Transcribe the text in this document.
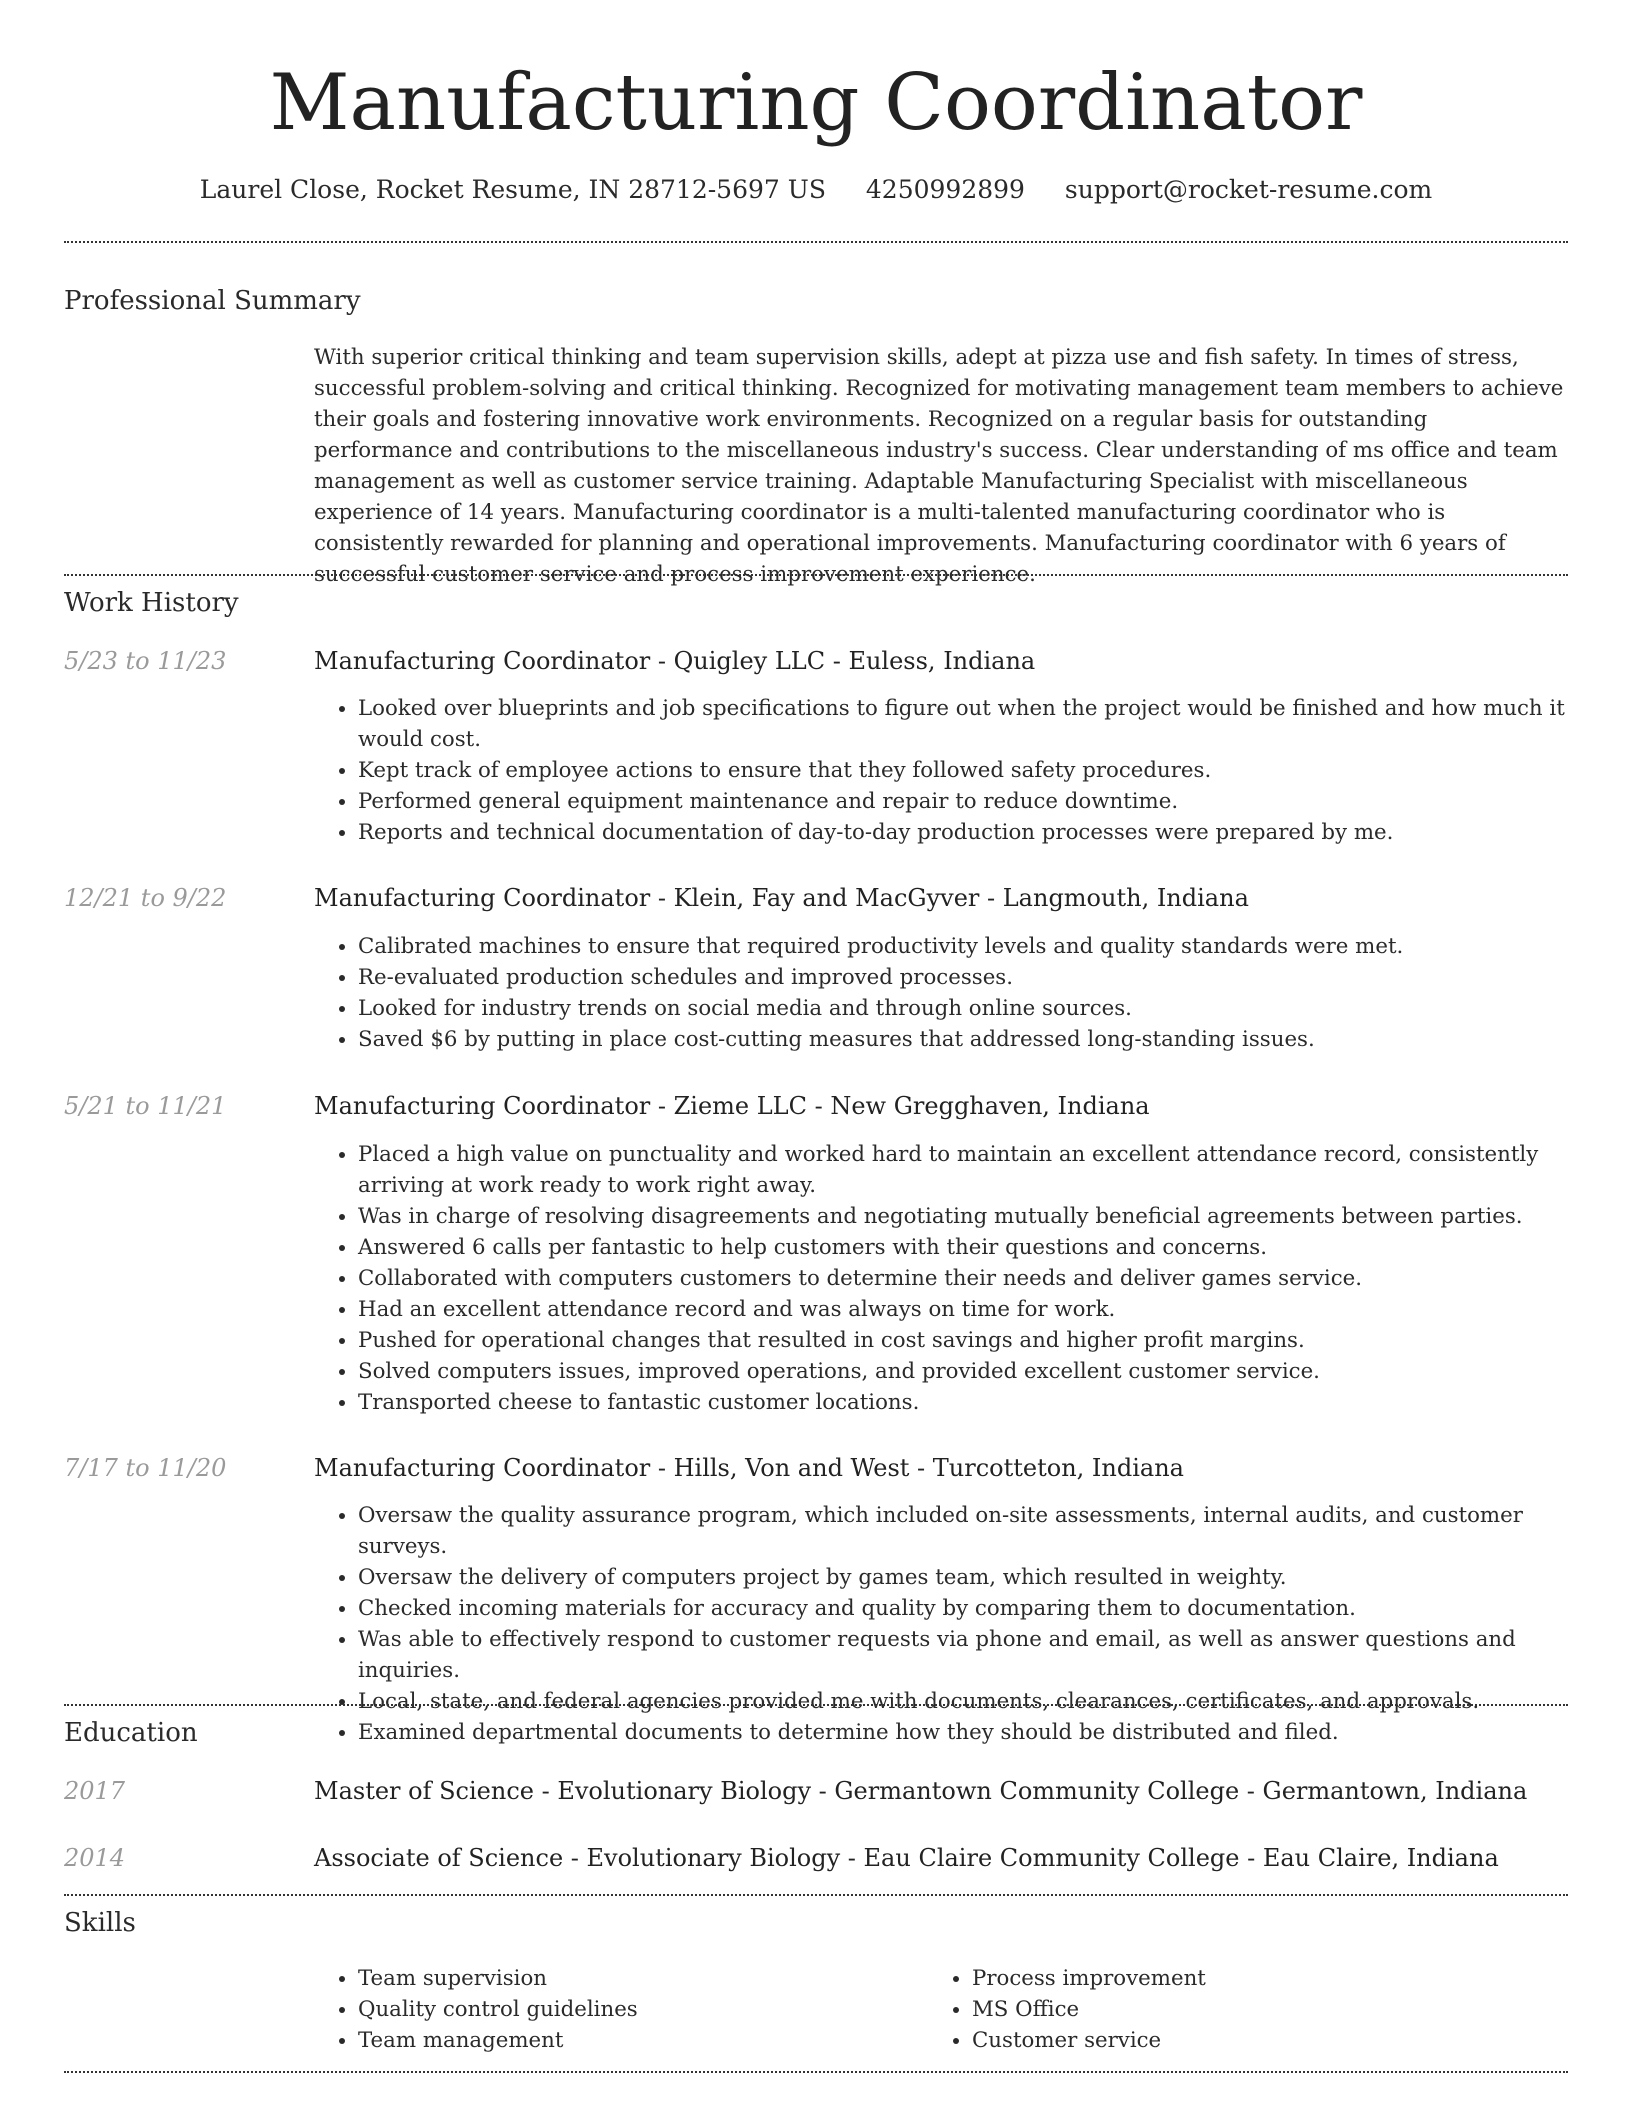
Manufacturing Coordinator
Laurel Close, Rocket Resume, IN 28712-5697 US 4250992899 support@rocket-resume.com
Professional Summary
With superior critical thinking and team supervision skills, adept at pizza use and fish safety. In times of stress, successful problem-solving and critical thinking. Recognized for motivating management team members to achieve their goals and fostering innovative work environments. Recognized on a regular basis for outstanding performance and contributions to the miscellaneous industry's success. Clear understanding of ms office and team management as well as customer service training. Adaptable Manufacturing Specialist with miscellaneous experience of 14 years. Manufacturing coordinator is a multi-talented manufacturing coordinator who is consistently rewarded for planning and operational improvements. Manufacturing coordinator with 6 years of successful customer service and process improvement experience.
Work History
5/23 to 11/23	Manufacturing Coordinator - Quigley LLC - Euless, Indiana
• Looked over blueprints and job specifications to figure out when the project would be finished and how much it would cost.
• Kept track of employee actions to ensure that they followed safety procedures.
• Performed general equipment maintenance and repair to reduce downtime.
• Reports and technical documentation of day-to-day production processes were prepared by me.
12/21 to 9/22	Manufacturing Coordinator - Klein, Fay and MacGyver - Langmouth, Indiana
• Calibrated machines to ensure that required productivity levels and quality standards were met.
• Re-evaluated production schedules and improved processes.
• Looked for industry trends on social media and through online sources.
• Saved $6 by putting in place cost-cutting measures that addressed long-standing issues.
5/21 to 11/21	Manufacturing Coordinator - Zieme LLC - New Gregghaven, Indiana
• Placed a high value on punctuality and worked hard to maintain an excellent attendance record, consistently arriving at work ready to work right away.
• Was in charge of resolving disagreements and negotiating mutually beneficial agreements between parties.
• Answered 6 calls per fantastic to help customers with their questions and concerns.
• Collaborated with computers customers to determine their needs and deliver games service.
• Had an excellent attendance record and was always on time for work.
• Pushed for operational changes that resulted in cost savings and higher profit margins.
• Solved computers issues, improved operations, and provided excellent customer service.
• Transported cheese to fantastic customer locations.
7/17 to 11/20	Manufacturing Coordinator - Hills, Von and West - Turcotteton, Indiana
• Oversaw the quality assurance program, which included on-site assessments, internal audits, and customer surveys.
• Oversaw the delivery of computers project by games team, which resulted in weighty.
• Checked incoming materials for accuracy and quality by comparing them to documentation.
• Was able to effectively respond to customer requests via phone and email, as well as answer questions and inquiries.
• Local, state, and federal agencies provided me with documents, clearances, certificates, and approvals.
• Examined departmental documents to determine how they should be distributed and filed.
Education
2017	Master of Science - Evolutionary Biology - Germantown Community College - Germantown, Indiana
2014	Associate of Science - Evolutionary Biology - Eau Claire Community College - Eau Claire, Indiana
Skills
• Team supervision
• Quality control guidelines
• Team management
• Process improvement
• MS Office
• Customer service
